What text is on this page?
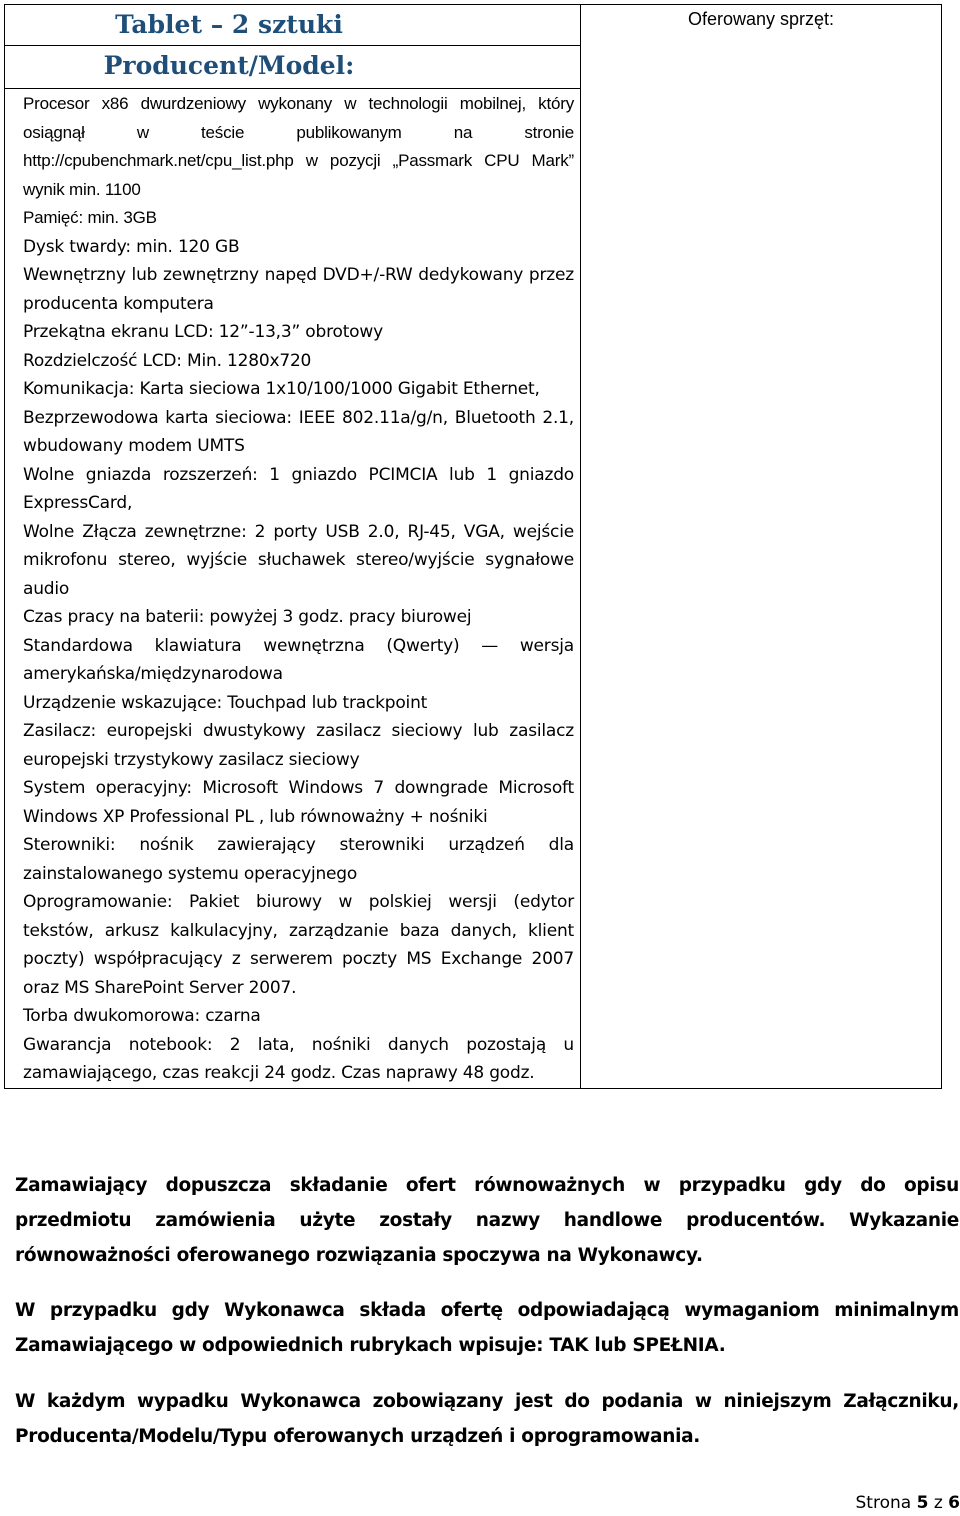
Tablet – 2 sztuki	Oferowany sprzęt:

Producent/Model:
Procesor x86 dwurdzeniowy wykonany w technologii mobilnej, który osiągnął w teście publikowanym na stronie http://cpubenchmark.net/cpu_list.php w pozycji „Passmark CPU Mark” wynik min. 1100
Pamięć: min. 3GB
Dysk twardy: min. 120 GB
Wewnętrzny lub zewnętrzny napęd DVD+/-RW dedykowany przez producenta komputera
Przekątna ekranu LCD: 12”-13,3” obrotowy
Rozdzielczość LCD: Min. 1280x720
Komunikacja: Karta sieciowa 1x10/100/1000 Gigabit Ethernet,
Bezprzewodowa karta sieciowa: IEEE 802.11a/g/n, Bluetooth 2.1, wbudowany modem UMTS
Wolne gniazda rozszerzeń: 1 gniazdo PCIMCIA lub 1 gniazdo ExpressCard,
Wolne Złącza zewnętrzne: 2 porty USB 2.0, RJ-45, VGA, wejście mikrofonu stereo, wyjście słuchawek stereo/wyjście sygnałowe audio
Czas pracy na baterii: powyżej 3 godz. pracy biurowej
Standardowa klawiatura wewnętrzna (Qwerty) — wersja amerykańska/międzynarodowa
Urządzenie wskazujące: Touchpad lub trackpoint
Zasilacz: europejski dwustykowy zasilacz sieciowy lub zasilacz europejski trzystykowy zasilacz sieciowy
System operacyjny: Microsoft Windows 7 downgrade Microsoft Windows XP Professional PL , lub równoważny + nośniki
Sterowniki: nośnik zawierający sterowniki urządzeń dla zainstalowanego systemu operacyjnego
Oprogramowanie: Pakiet biurowy w polskiej wersji (edytor tekstów, arkusz kalkulacyjny, zarządzanie baza danych, klient poczty) współpracujący z serwerem poczty MS Exchange 2007 oraz MS SharePoint Server 2007.
Torba dwukomorowa: czarna
Gwarancja notebook: 2 lata, nośniki danych pozostają u zamawiającego, czas reakcji 24 godz. Czas naprawy 48 godz.
Zamawiający dopuszcza składanie ofert równoważnych w przypadku gdy do opisu przedmiotu zamówienia użyte zostały nazwy handlowe producentów. Wykazanie równoważności oferowanego rozwiązania spoczywa na Wykonawcy.
W przypadku gdy Wykonawca składa ofertę odpowiadającą wymaganiom minimalnym Zamawiającego w odpowiednich rubrykach wpisuje: TAK lub SPEŁNIA.
W każdym wypadku Wykonawca zobowiązany jest do podania w niniejszym Załączniku, Producenta/Modelu/Typu oferowanych urządzeń i oprogramowania.
Strona 5 z 6
